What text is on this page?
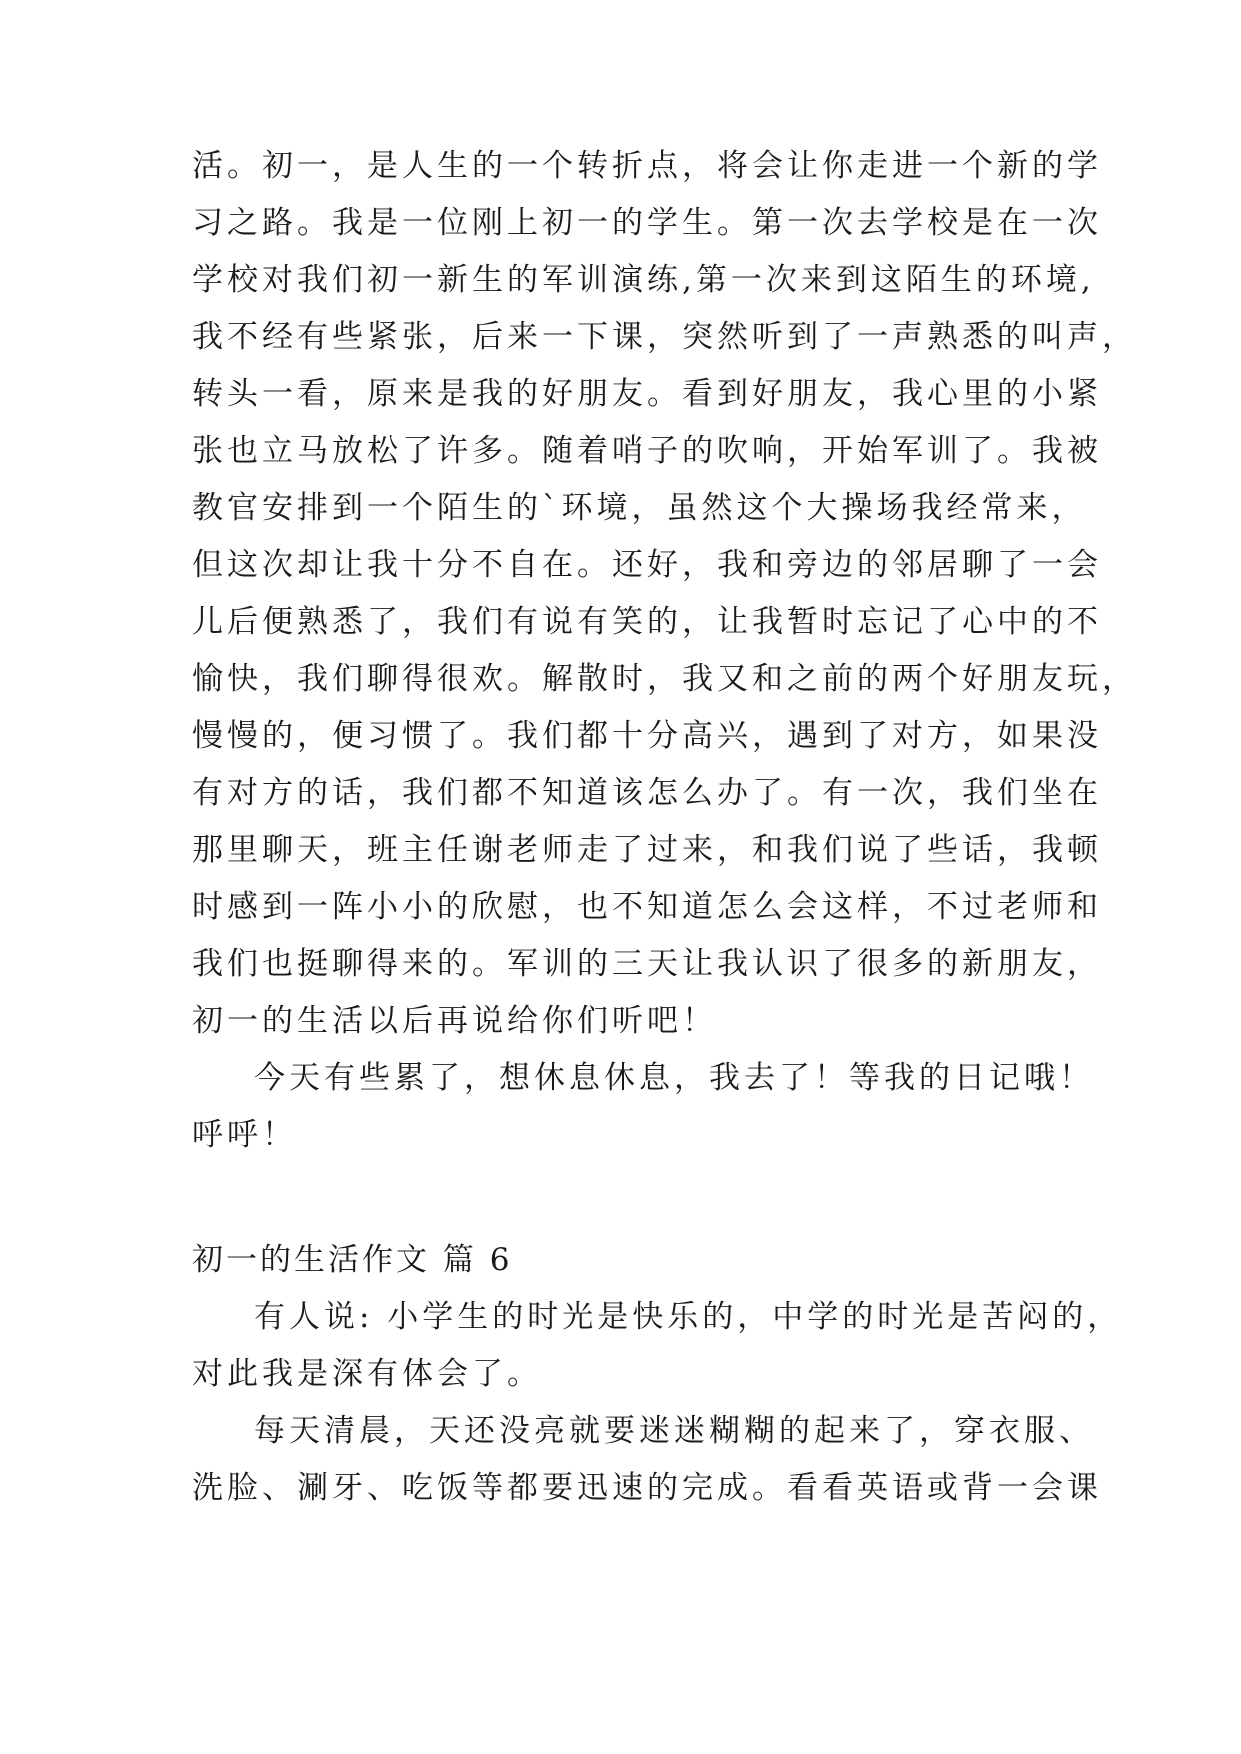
活。初一，是人生的一个转折点，将会让你走进一个新的学
习之路。我是一位刚上初一的学生。第一次去学校是在一次
学校对我们初一新生的军训演练,第一次来到这陌生的环境,
我不经有些紧张，后来一下课，突然听到了一声熟悉的叫声，
转头一看，原来是我的好朋友。看到好朋友，我心里的小紧
张也立马放松了许多。随着哨子的吹响，开始军训了。我被
教官安排到一个陌生的`环境，虽然这个大操场我经常来，
但这次却让我十分不自在。还好，我和旁边的邻居聊了一会
儿后便熟悉了，我们有说有笑的，让我暂时忘记了心中的不
愉快，我们聊得很欢。解散时，我又和之前的两个好朋友玩，
慢慢的，便习惯了。我们都十分高兴，遇到了对方，如果没
有对方的话，我们都不知道该怎么办了。有一次，我们坐在
那里聊天，班主任谢老师走了过来，和我们说了些话，我顿
时感到一阵小小的欣慰，也不知道怎么会这样，不过老师和
我们也挺聊得来的。军训的三天让我认识了很多的新朋友，
初一的生活以后再说给你们听吧！
今天有些累了，想休息休息，我去了！等我的日记哦！
呼呼！
初一的生活作文 篇 6
有人说: 小学生的时光是快乐的，中学的时光是苦闷的，
对此我是深有体会了。
每天清晨，天还没亮就要迷迷糊糊的起来了，穿衣服、
洗脸、涮牙、吃饭等都要迅速的完成。看看英语或背一会课
